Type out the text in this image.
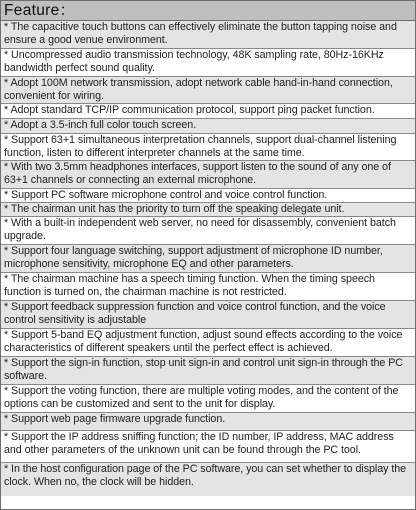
Feature：
* The capacitive touch buttons can effectively eliminate the button tapping noise and ensure a good venue environment.
* Uncompressed audio transmission technology, 48K sampling rate, 80Hz-16KHz bandwidth perfect sound quality.
* Adopt 100M network transmission, adopt network cable hand-in-hand connection, convenient for wiring.
* Adopt standard TCP/IP communication protocol, support ping packet function.
* Adopt a 3.5-inch full color touch screen.
* Support 63+1 simultaneous interpretation channels, support dual-channel listening function, listen to different interpreter channels at the same time.
* With two 3.5mm headphones interfaces, support listen to the sound of any one of 63+1 channels or connecting an external microphone.
* Support PC software microphone control and voice control function.
* The chairman unit has the priority to turn off the speaking delegate unit.
* With a built-in independent web server, no need for disassembly, convenient batch upgrade.
* Support four language switching, support adjustment of microphone ID number, microphone sensitivity, microphone EQ and other parameters.
* The chairman machine has a speech timing function. When the timing speech function is turned on, the chairman machine is not restricted.
* Support feedback suppression function and voice control function, and the voice control sensitivity is adjustable
* Support 5-band EQ adjustment function, adjust sound effects according to the voice characteristics of different speakers until the perfect effect is achieved.
* Support the sign-in function, stop unit sign-in and control unit sign-in through the PC software.
* Support the voting function, there are multiple voting modes, and the content of the options can be customized and sent to the unit for display.
* Support web page firmware upgrade function.
* Support the IP address sniffing function; the ID number, IP address, MAC address and other parameters of the unknown unit can be found through the PC tool.
* In the host configuration page of the PC software, you can set whether to display the clock. When no, the clock will be hidden.
